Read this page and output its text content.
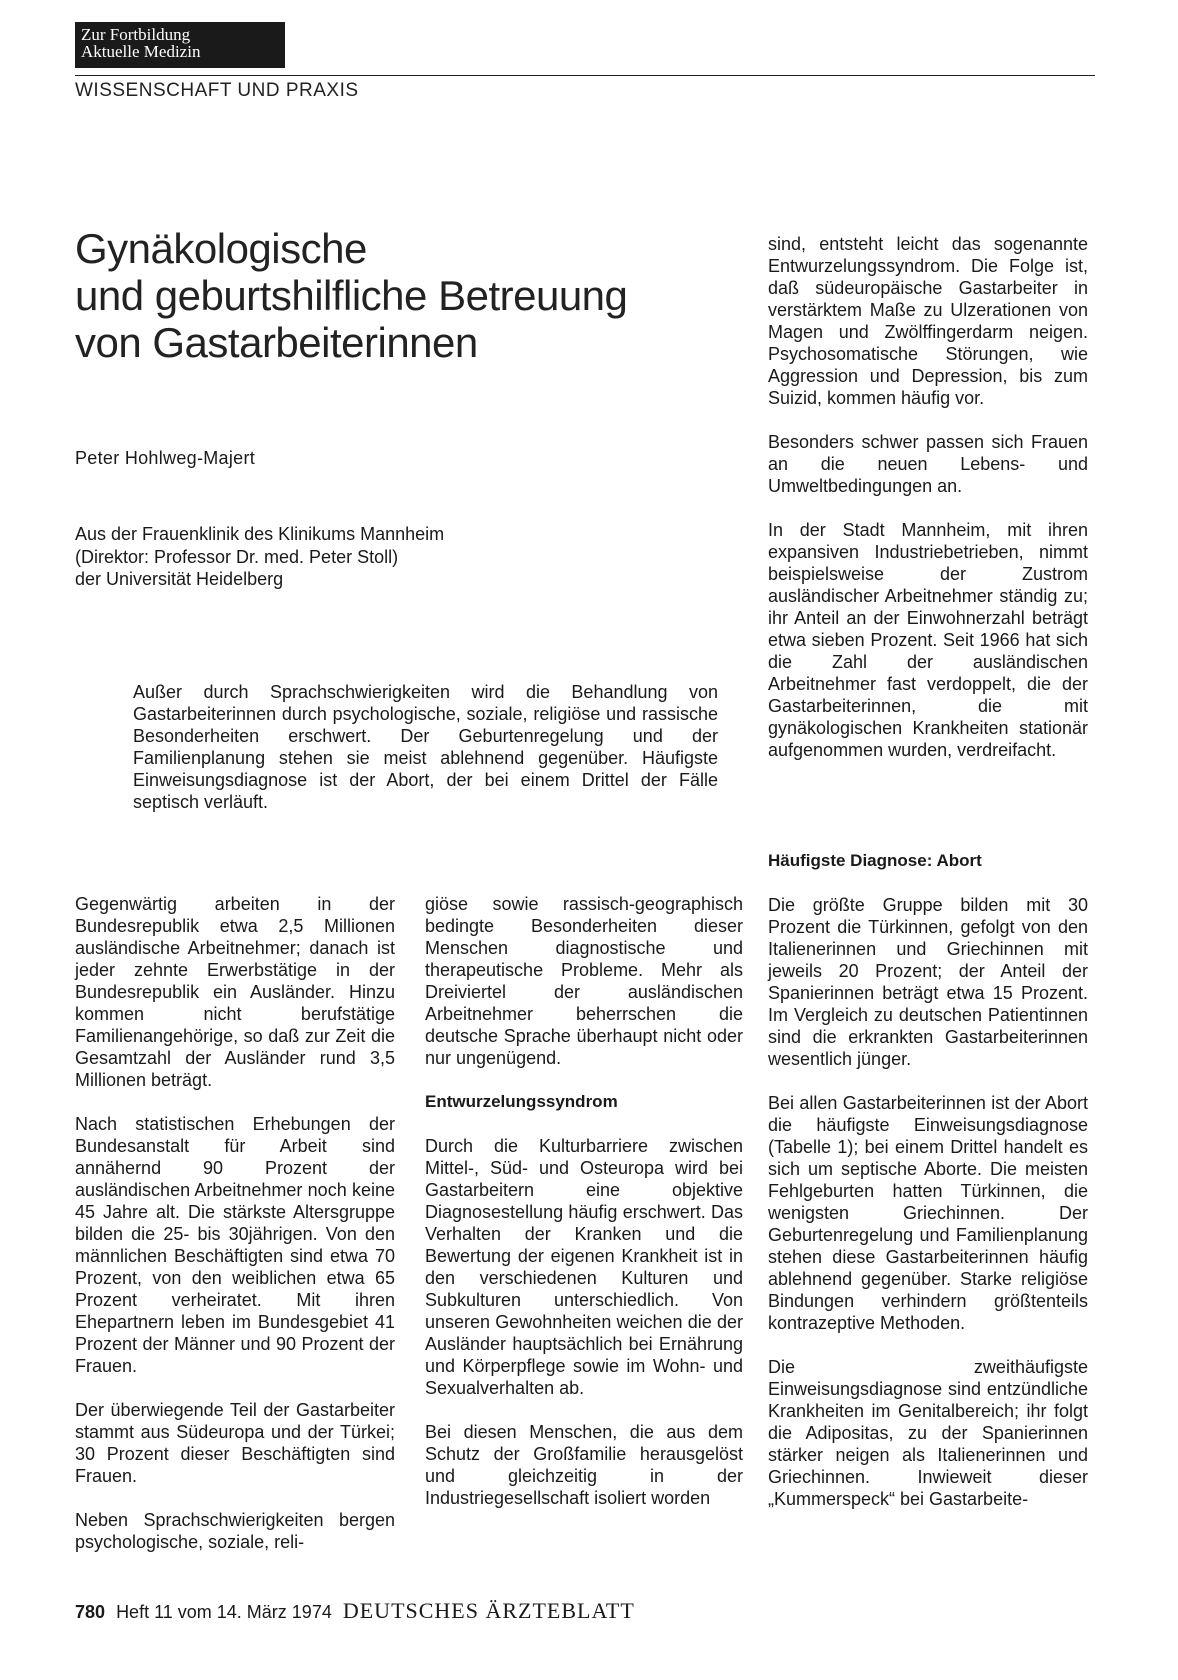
Zur Fortbildung
Aktuelle Medizin
WISSENSCHAFT UND PRAXIS
Gynäkologische
und geburtshilfliche Betreuung
von Gastarbeiterinnen
Peter Hohlweg-Majert
Aus der Frauenklinik des Klinikums Mannheim
(Direktor: Professor Dr. med. Peter Stoll)
der Universität Heidelberg
Außer durch Sprachschwierigkeiten wird die Behandlung von Gastarbeiterinnen durch psychologische, soziale, religiöse und rassische Besonderheiten erschwert. Der Geburtenregelung und der Familienplanung stehen sie meist ablehnend gegenüber. Häufigste Einweisungsdiagnose ist der Abort, der bei einem Drittel der Fälle septisch verläuft.

Gegenwärtig arbeiten in der Bundesrepublik etwa 2,5 Millionen ausländische Arbeitnehmer; danach ist jeder zehnte Erwerbstätige in der Bundesrepublik ein Ausländer. Hinzu kommen nicht berufstätige Familienangehörige, so daß zur Zeit die Gesamtzahl der Ausländer rund 3,5 Millionen beträgt.

Nach statistischen Erhebungen der Bundesanstalt für Arbeit sind annähernd 90 Prozent der ausländischen Arbeitnehmer noch keine 45 Jahre alt. Die stärkste Altersgruppe bilden die 25- bis 30jährigen. Von den männlichen Beschäftigten sind etwa 70 Prozent, von den weiblichen etwa 65 Prozent verheiratet. Mit ihren Ehepartnern leben im Bundesgebiet 41 Prozent der Männer und 90 Prozent der Frauen.

Der überwiegende Teil der Gastarbeiter stammt aus Südeuropa und der Türkei; 30 Prozent dieser Beschäftigten sind Frauen.

Neben Sprachschwierigkeiten bergen psychologische, soziale, reli-

giöse sowie rassisch-geographisch bedingte Besonderheiten dieser Menschen diagnostische und therapeutische Probleme. Mehr als Dreiviertel der ausländischen Arbeitnehmer beherrschen die deutsche Sprache überhaupt nicht oder nur ungenügend.

Entwurzelungssyndrom

Durch die Kulturbarriere zwischen Mittel-, Süd- und Osteuropa wird bei Gastarbeitern eine objektive Diagnosestellung häufig erschwert. Das Verhalten der Kranken und die Bewertung der eigenen Krankheit ist in den verschiedenen Kulturen und Subkulturen unterschiedlich. Von unseren Gewohnheiten weichen die der Ausländer hauptsächlich bei Ernährung und Körperpflege sowie im Wohn- und Sexualverhalten ab.

Bei diesen Menschen, die aus dem Schutz der Großfamilie herausgelöst und gleichzeitig in der Industriegesellschaft isoliert worden

sind, entsteht leicht das sogenannte Entwurzelungssyndrom. Die Folge ist, daß südeuropäische Gastarbeiter in verstärktem Maße zu Ulzerationen von Magen und Zwölffingerdarm neigen. Psychosomatische Störungen, wie Aggression und Depression, bis zum Suizid, kommen häufig vor.

Besonders schwer passen sich Frauen an die neuen Lebens- und Umweltbedingungen an.

In der Stadt Mannheim, mit ihren expansiven Industriebetrieben, nimmt beispielsweise der Zustrom ausländischer Arbeitnehmer ständig zu; ihr Anteil an der Einwohnerzahl beträgt etwa sieben Prozent. Seit 1966 hat sich die Zahl der ausländischen Arbeitnehmer fast verdoppelt, die der Gastarbeiterinnen, die mit gynäkologischen Krankheiten stationär aufgenommen wurden, verdreifacht.

Häufigste Diagnose: Abort

Die größte Gruppe bilden mit 30 Prozent die Türkinnen, gefolgt von den Italienerinnen und Griechinnen mit jeweils 20 Prozent; der Anteil der Spanierinnen beträgt etwa 15 Prozent. Im Vergleich zu deutschen Patientinnen sind die erkrankten Gastarbeiterinnen wesentlich jünger.

Bei allen Gastarbeiterinnen ist der Abort die häufigste Einweisungsdiagnose (Tabelle 1); bei einem Drittel handelt es sich um septische Aborte. Die meisten Fehlgeburten hatten Türkinnen, die wenigsten Griechinnen. Der Geburtenregelung und Familienplanung stehen diese Gastarbeiterinnen häufig ablehnend gegenüber. Starke religiöse Bindungen verhindern größtenteils kontrazeptive Methoden.

Die zweithäufigste Einweisungsdiagnose sind entzündliche Krankheiten im Genitalbereich; ihr folgt die Adipositas, zu der Spanierinnen stärker neigen als Italienerinnen und Griechinnen. Inwieweit dieser „Kummerspeck“ bei Gastarbeite-

780 Heft 11 vom 14. März 1974 DEUTSCHES ÄRZTEBLATT
